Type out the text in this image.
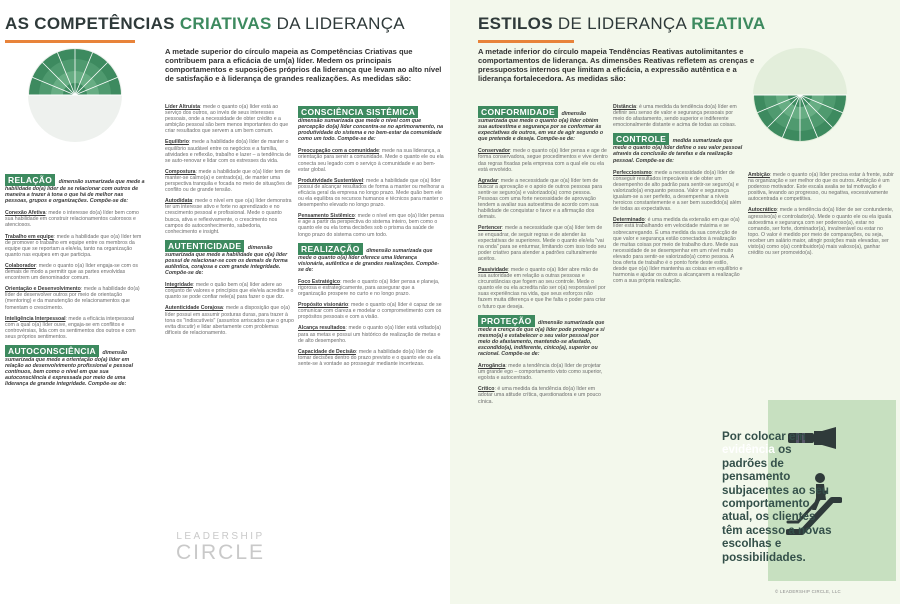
AS COMPETÊNCIAS CRIATIVAS DA LIDERANÇA
A metade superior do círculo mapeia as Competências Criativas que contribuem para a eficácia de um(a) líder. Medem os principais comportamentos e suposições próprios da liderança que levam ao alto nível de satisfação e à liderança de grandes realizações. As medidas são:
RELAÇÃO dimensão sumarizada que mede a habilidade do(a) líder de se relacionar com outros de maneira a trazer à tona o que há de melhor nas pessoas, grupos e organizações. Compõe-se de:

Conexão Afetiva: mede o interesse do(a) líder bem como sua habilidade em construir relacionamentos calorosos e atenciosos.

Trabalho em equipe: mede a habilidade que o(a) líder tem de promover o trabalho em equipe entre os membros da equipe que se reportam a ele/ela, tanto na organização quanto nas equipes em que participa.

Colaborador: mede o quanto o(a) líder engaja-se com os demais de modo a permitir que as partes envolvidas encontrem um denominador comum.

Orientação e Desenvolvimento: mede a habilidade do(a) líder de desenvolver outros por meio de orientação (mentoring) e da manutenção de relacionamentos que fomentam o crescimento.

Inteligência Interpessoal: mede a eficácia interpessoal com a qual o(a) líder ouve, engaja-se em conflitos e controvérsias, lida com os sentimentos dos outros e com seus próprios sentimentos.

AUTOCONSCIÊNCIA dimensão sumarizada que mede a orientação do(a) líder em relação ao desenvolvimento profissional e pessoal contínuos, bem como o nível em que sua autoconsciência é expressada por meio de uma liderança de grande integridade. Compõe-se de:

Líder Altruísta: mede o quanto o(a) líder está ao serviço dos outros, ao invés de seus interesses pessoais, onde a necessidade de obter crédito e a ambição pessoal são bem menos importantes do que criar resultados que servem a um bem comum.

Equilíbrio: mede a habilidade do(a) líder de manter o equilíbrio saudável entre os negócios e a família, atividades e reflexão, trabalho e lazer – a tendência de se auto-renovar e lidar com os estresses da vida.

Compostura: mede a habilidade que o(a) líder tem de manter-se calmo(a) e centrado(a), de manter uma perspectiva tranquila e focada no meio de situações de conflito ou de grande tensão.

Autodidata: mede o nível em que o(a) líder demonstra ter um interesse ativo e forte no aprendizado e no crescimento pessoal e profissional. Mede o quanto busca, ativa e reflexivamente, o crescimento nos campos do autoconhecimento, sabedoria, conhecimento e insight.

AUTENTICIDADE dimensão sumarizada que mede a habilidade que o(a) líder possui de relacionar-se com os demais de forma autêntica, corajosa e com grande integridade. Compõe-se de:

Integridade: mede o quão bem o(a) líder adere ao conjunto de valores e princípios que ele/ela acredita e o quanto se pode confiar nele(a) para fazer o que diz.

Autenticidade Corajosa: mede a disposição que o(a) líder possui em assumir posturas duras, para trazer à tona os "indiscutíveis" (assuntos arriscados que o grupo evita discutir) e lidar abertamente com problemas difíceis de relacionamento.

CONSCIÊNCIA SISTÊMICA dimensão sumarizada que mede o nível com que percepção do(a) líder concentra-se no aprimoramento, na produtividade do sistema e no bem-estar da comunidade como um todo. Compõe-se de:

Preocupação com a comunidade: mede na sua liderança, a orientação para servir a comunidade. Mede o quanto ele ou ela conecta seu legado com o serviço à comunidade e ao bem-estar global.

Produtividade Sustentável: mede a habilidade que o(a) líder possui de alcançar resultados de forma a manter ou melhorar a eficácia geral da empresa no longo prazo. Mede quão bem ele ou ela equilibra os recursos humanos e técnicos para manter o desempenho elevado no longo prazo.

Pensamento Sistêmico: mede o nível em que o(a) líder pensa e age a partir da perspectiva do sistema inteiro, bem como o quanto ele ou ela toma decisões sob o prisma da saúde de longo prazo do sistema como um todo.

REALIZAÇÃO dimensão sumarizada que mede o quanto o(a) líder oferece uma liderança visionária, autêntica e de grandes realizações. Compõe-se de:

Foco Estratégico: mede o quanto o(a) líder pensa e planeja, rigorosa e estrategicamente, para assegurar que a organização prospere no curto e no longo prazo.

Propósito visionário: mede o quanto o(a) líder é capaz de se comunicar com clareza e modelar o comprometimento com os propósitos pessoais e com a visão.

Alcança resultados: mede o quanto o(a) líder está voltado(a) para as metas e possui um histórico de realização de metas e de alto desempenho.

Capacidade de Decisão: mede a habilidade do(a) líder de tomar decisões dentro do prazo previsto e o quanto ele ou ela sente-se à vontade ao prosseguir mediante incertezas.

LEADERSHIP
CIRCLE
ESTILOS DE LIDERANÇA REATIVA
A metade inferior do círculo mapeia Tendências Reativas autolimitantes e comportamentos de liderança. As dimensões Reativas refletem as crenças e pressupostos internos que limitam a eficácia, a expressão autêntica e a liderança fortalecedora. As medidas são:
CONFORMIDADE dimensão sumarizada que mede o quanto o(a) líder obtém sua autoestima e segurança por se conformar às expectativas de outros, em vez de agir segundo o que pretende e deseja. Compõe-se de:

Conservador: mede o quanto o(a) líder pensa e age de forma conservadora, segue procedimentos e vive dentro das regras fixadas pela empresa com a qual ele ou ela está envolvido.

Agradar: mede a necessidade que o(a) líder tem de buscar a aprovação e o apoio de outros pessoas para sentir-se seguro(a) e valorizado(a) como pessoa. Pessoas com uma forte necessidade de aprovação tendem a avaliar sua autoestima de acordo com sua habilidade de conquistar o favor e a afirmação dos demais.

Pertencer: mede a necessidade que o(a) líder tem de se enquadrar, de seguir regras e de atender às expectativas de superiores. Mede o quanto ele/ela "vai na onda" para se enturmar, limitando com isso todo seu poder criativo para atender a padrões culturalmente aceitos.

Passividade: mede o quanto o(a) líder abre mão de sua autoridade em relação a outras pessoas e circunstâncias que fogem ao seu controle. Mede o quanto ele ou ela acredita não ser o(a) responsável por suas experiências na vida, que seus esforços não fazem muita diferença e que lhe falta o poder para criar o futuro que deseja.

PROTEÇÃO dimensão sumarizada que mede a crença de que o(a) líder pode proteger a si mesmo(a) e estabelecer o seu valor pessoal por meio do afastamento, mantendo-se afastado, escondido(a), indiferente, cínico(a), superior ou racional. Compõe-se de:

Arrogância: mede a tendência do(a) líder de projetar um grande ego – comportamento visto como superior, egoísta e autocentrado.

Crítico: é uma medida da tendência do(a) líder em adotar uma atitude crítica, questionadora e um pouco cínica.

Distância: é uma medida da tendência do(a) líder em definir seu senso de valor e segurança pessoais por meio do afastamento, sendo superior e indiferente emocionalmente distante e acima de todas as coisas.

CONTROLE medida sumarizada que mede o quanto o(a) líder define o seu valor pessoal através da conclusão de tarefas e da realização pessoal. Compõe-se de:

Perfeccionismo: mede a necessidade do(a) líder de conseguir resultados impecáveis e de obter um desempenho de alto padrão para sentir-se seguro(a) e valorizado(a) enquanto pessoa. Valor e segurança igualam-se a ser perfeito, a desempenhar a níveis heroicos constantemente e a ser bem sucedido(a) além de todas as expectativas.

Determinado: é uma medida da extensão em que o(a) líder está trabalhando em velocidade máxima e se sobrecarregando. É uma medida da sua convicção de que valor e segurança estão conectados à realização de muitas coisas por meio de trabalho duro. Mede sua necessidade de se desempenhar em um nível muito elevado para sentir-se valorizado(a) como pessoa. A boa oferta de trabalho é o ponto forte deste estilo, desde que o(a) líder mantenha as coisas em equilíbrio e harmonia e ajudar os outros a alcançarem a realização com a sua própria realização.

Ambição: mede o quanto o(a) líder precisa estar à frente, subir na organização e ser melhor do que os outros. Ambição é um poderoso motivador. Este escala avalia se tal motivação é positiva, levando ao progresso, ou negativa, excessivamente autocentrada e competitiva.

Autocrático: mede a tendência do(a) líder de ser contundente, agressivo(a) e controlador(a). Mede o quanto ele ou ela iguala autoestima e segurança com ser poderoso(a), estar no comando, ser forte, dominador(a), invulnerável ou estar no topo. O valor é medido por meio de comparações, ou seja, receber um salário maior, atingir posições mais elevadas, ser visto(a) como o(a) contribuidor(a) mais valioso(a), ganhar crédito ou ser promovido(a).

Por colocar em evidência os padrões de pensamento subjacentes ao seu comportamento atual, os clientes têm acesso a novas escolhas e possibilidades.
© LEADERSHIP CIRCLE, LLC
